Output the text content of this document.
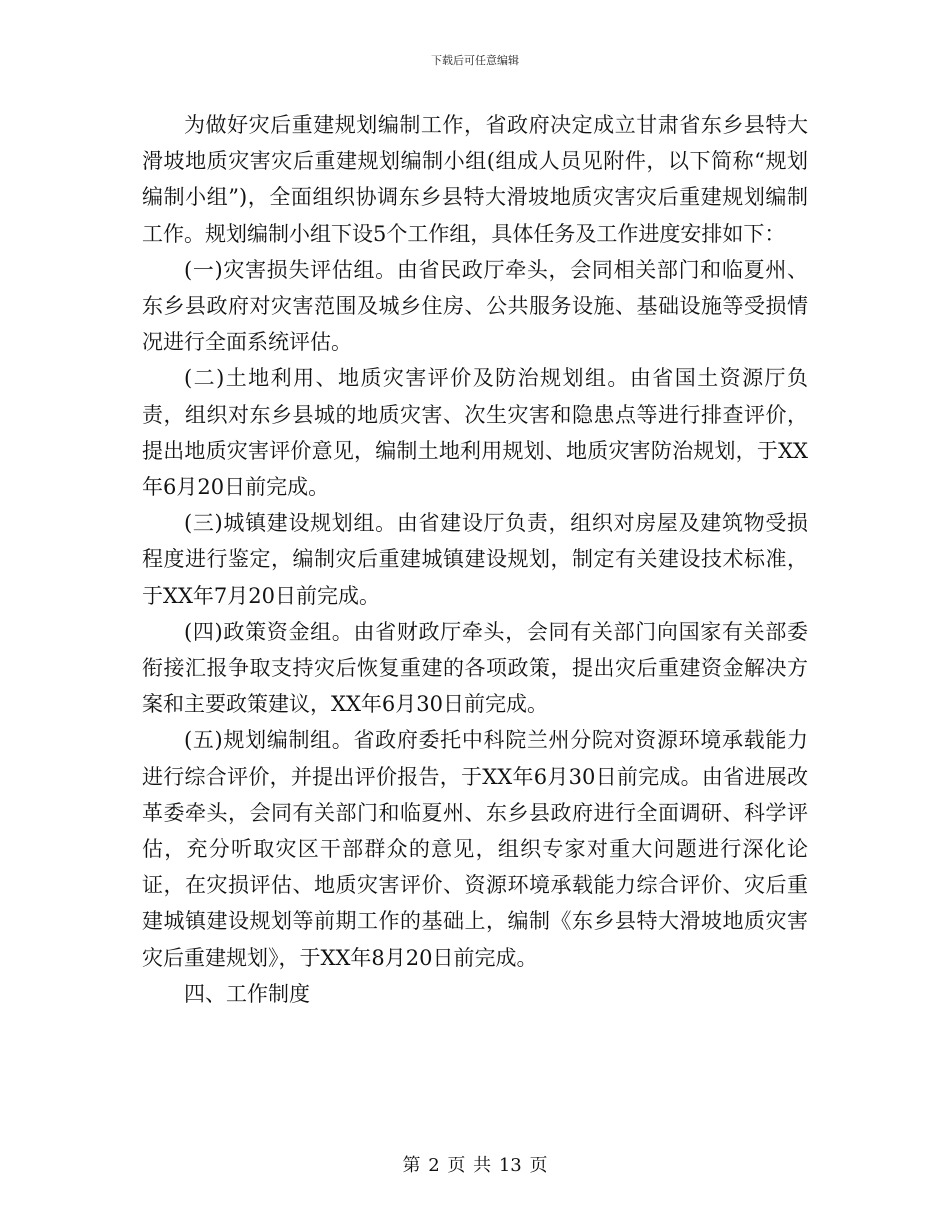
下载后可任意编辑

为做好灾后重建规划编制工作，省政府决定成立甘肃省东乡县特大滑坡地质灾害灾后重建规划编制小组(组成人员见附件，以下简称“规划编制小组”)，全面组织协调东乡县特大滑坡地质灾害灾后重建规划编制工作。规划编制小组下设5个工作组，具体任务及工作进度安排如下：

(一)灾害损失评估组。由省民政厅牵头，会同相关部门和临夏州、东乡县政府对灾害范围及城乡住房、公共服务设施、基础设施等受损情况进行全面系统评估。

(二)土地利用、地质灾害评价及防治规划组。由省国土资源厅负责，组织对东乡县城的地质灾害、次生灾害和隐患点等进行排查评价，提出地质灾害评价意见，编制土地利用规划、地质灾害防治规划，于XX年6月20日前完成。

(三)城镇建设规划组。由省建设厅负责，组织对房屋及建筑物受损程度进行鉴定，编制灾后重建城镇建设规划，制定有关建设技术标准，于XX年7月20日前完成。

(四)政策资金组。由省财政厅牵头，会同有关部门向国家有关部委衔接汇报争取支持灾后恢复重建的各项政策，提出灾后重建资金解决方案和主要政策建议，XX年6月30日前完成。

(五)规划编制组。省政府委托中科院兰州分院对资源环境承载能力进行综合评价，并提出评价报告，于XX年6月30日前完成。由省进展改革委牵头，会同有关部门和临夏州、东乡县政府进行全面调研、科学评估，充分听取灾区干部群众的意见，组织专家对重大问题进行深化论证，在灾损评估、地质灾害评价、资源环境承载能力综合评价、灾后重建城镇建设规划等前期工作的基础上，编制《东乡县特大滑坡地质灾害灾后重建规划》，于XX年8月20日前完成。

四、工作制度

第 2 页 共 13 页
